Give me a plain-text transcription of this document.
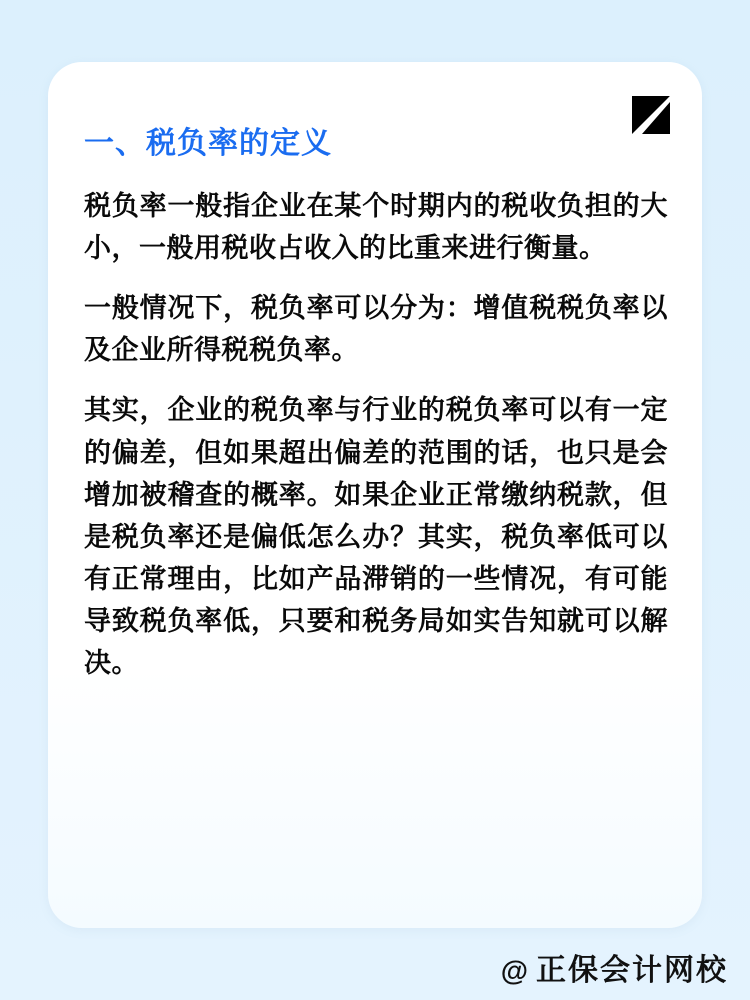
一、税负率的定义

税负率一般指企业在某个时期内的税收负担的大小，一般用税收占收入的比重来进行衡量。

一般情况下，税负率可以分为：增值税税负率以及企业所得税税负率。

其实，企业的税负率与行业的税负率可以有一定的偏差，但如果超出偏差的范围的话，也只是会增加被稽查的概率。如果企业正常缴纳税款，但是税负率还是偏低怎么办？其实，税负率低可以有正常理由，比如产品滞销的一些情况，有可能导致税负率低，只要和税务局如实告知就可以解决。

@ 正保会计网校
